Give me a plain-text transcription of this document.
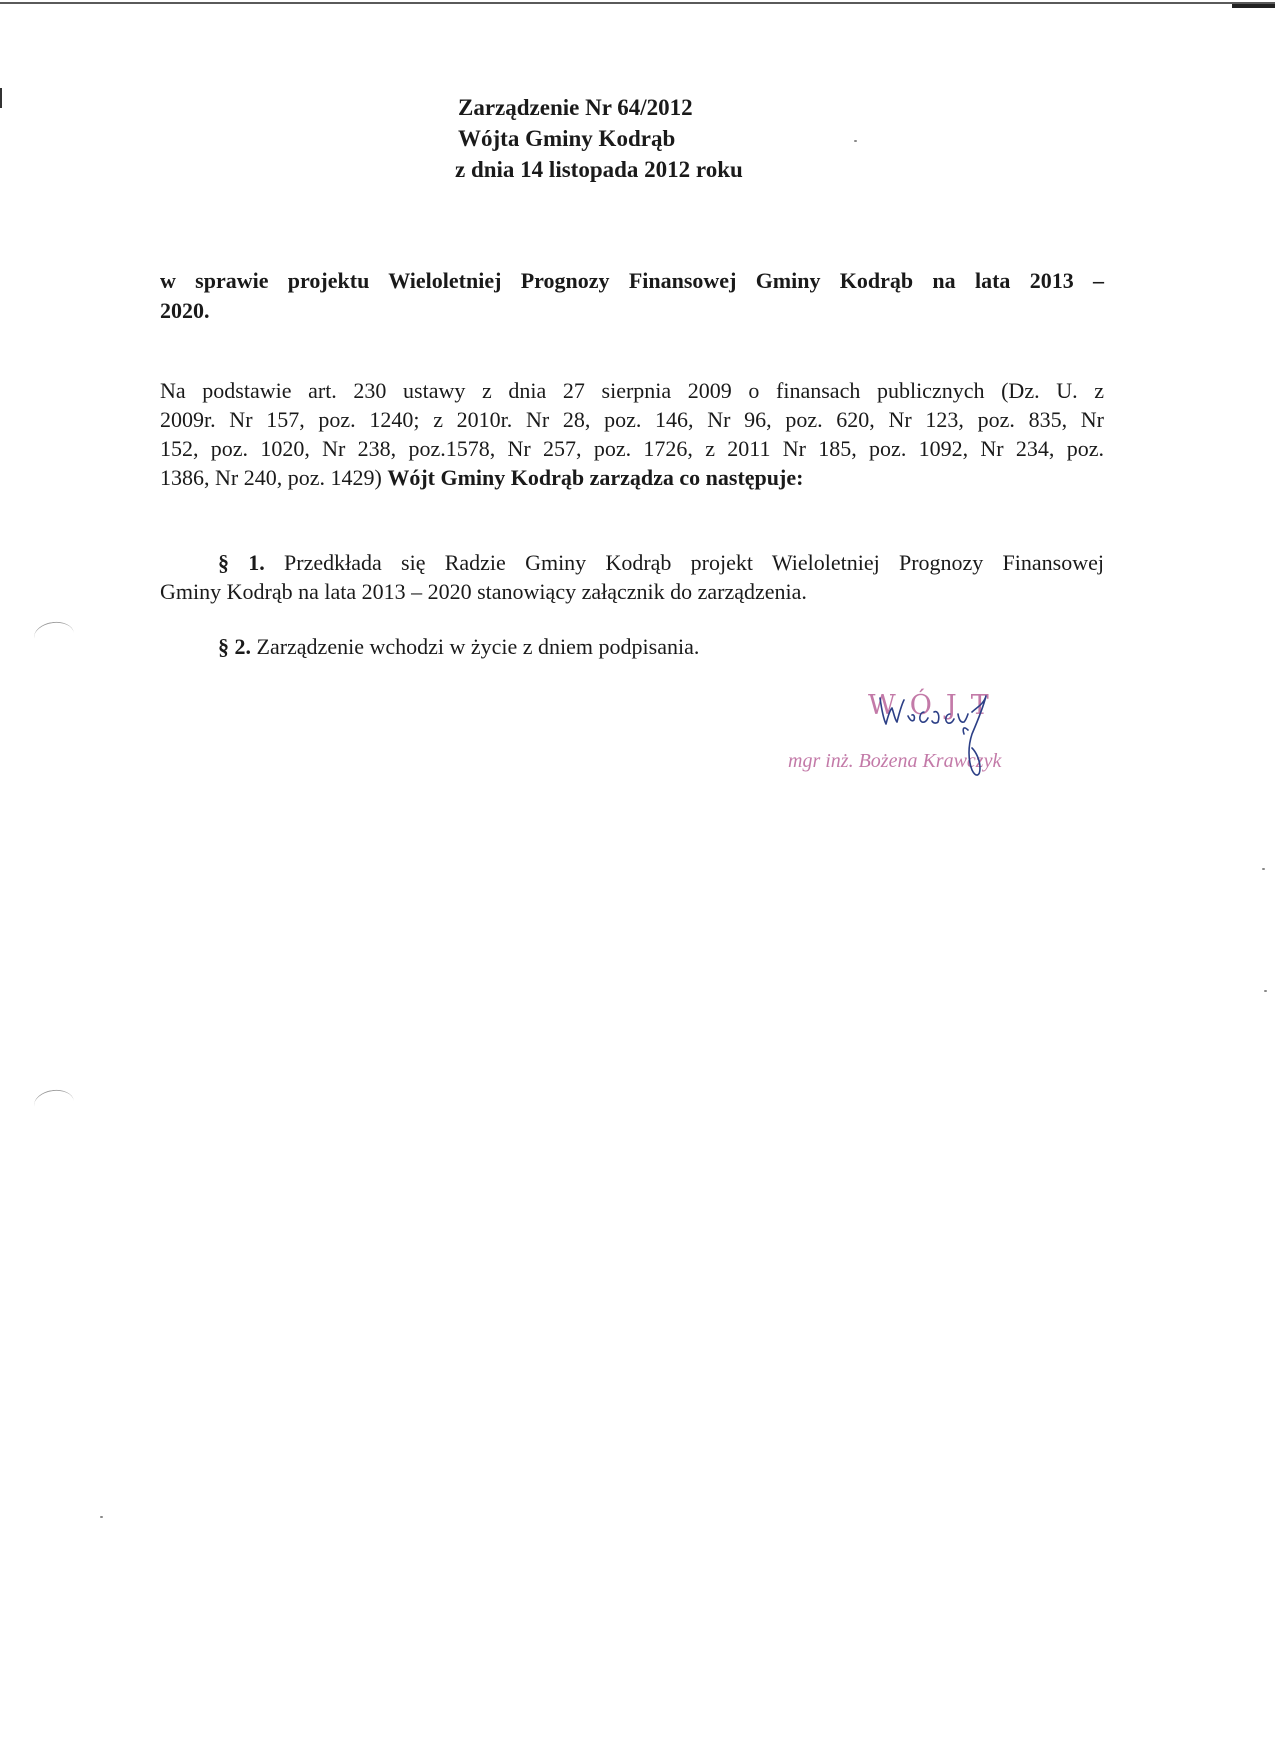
Zarządzenie Nr 64/2012
Wójta Gminy Kodrąb
z dnia 14 listopada 2012 roku
w sprawie projektu Wieloletniej Prognozy Finansowej Gminy Kodrąb na lata 2013 –
2020.
Na podstawie art. 230 ustawy z dnia 27 sierpnia 2009 o finansach publicznych (Dz. U. z
2009r. Nr 157, poz. 1240; z 2010r. Nr 28, poz. 146, Nr 96, poz. 620, Nr 123, poz. 835, Nr
152, poz. 1020, Nr 238, poz.1578, Nr 257, poz. 1726, z 2011 Nr 185, poz. 1092, Nr 234, poz.
1386, Nr 240, poz. 1429) Wójt Gminy Kodrąb zarządza co następuje:
§ 1. Przedkłada się Radzie Gminy Kodrąb projekt Wieloletniej Prognozy Finansowej
Gminy Kodrąb na lata 2013 – 2020 stanowiący załącznik do zarządzenia.
§ 2. Zarządzenie wchodzi w życie z dniem podpisania.
WÓJT
mgr inż. Bożena Krawczyk
